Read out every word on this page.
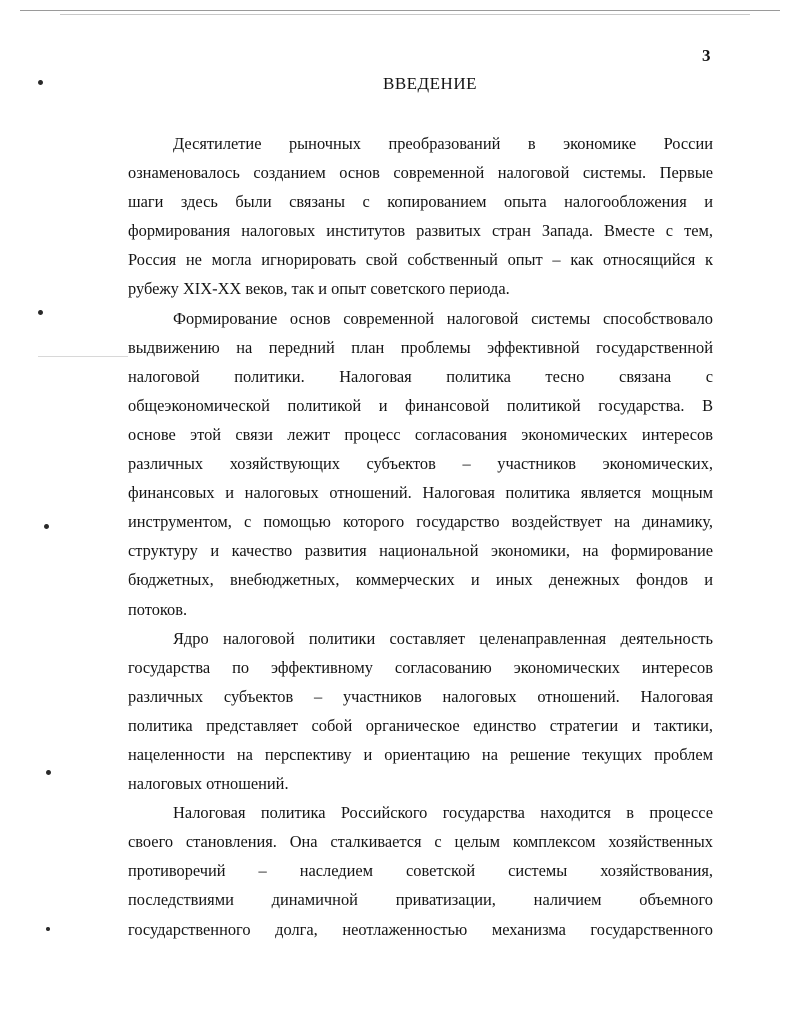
3
ВВЕДЕНИЕ
Десятилетие рыночных преобразований в экономике России
ознаменовалось созданием основ современной налоговой системы. Первые
шаги здесь были связаны с копированием опыта налогообложения и
формирования налоговых институтов развитых стран Запада. Вместе с тем,
Россия не могла игнорировать свой собственный опыт – как относящийся к
рубежу XIX-XX веков, так и опыт советского периода.
Формирование основ современной налоговой системы способствовало
выдвижению на передний план проблемы эффективной государственной
налоговой политики. Налоговая политика тесно связана с
общеэкономической политикой и финансовой политикой государства. В
основе этой связи лежит процесс согласования экономических интересов
различных хозяйствующих субъектов – участников экономических,
финансовых и налоговых отношений. Налоговая политика является мощным
инструментом, с помощью которого государство воздействует на динамику,
структуру и качество развития национальной экономики, на формирование
бюджетных, внебюджетных, коммерческих и иных денежных фондов и
потоков.
Ядро налоговой политики составляет целенаправленная деятельность
государства по эффективному согласованию экономических интересов
различных субъектов – участников налоговых отношений. Налоговая
политика представляет собой органическое единство стратегии и тактики,
нацеленности на перспективу и ориентацию на решение текущих проблем
налоговых отношений.
Налоговая политика Российского государства находится в процессе
своего становления. Она сталкивается с целым комплексом хозяйственных
противоречий – наследием советской системы хозяйствования,
последствиями динамичной приватизации, наличием объемного
государственного долга, неотлаженностью механизма государственного
